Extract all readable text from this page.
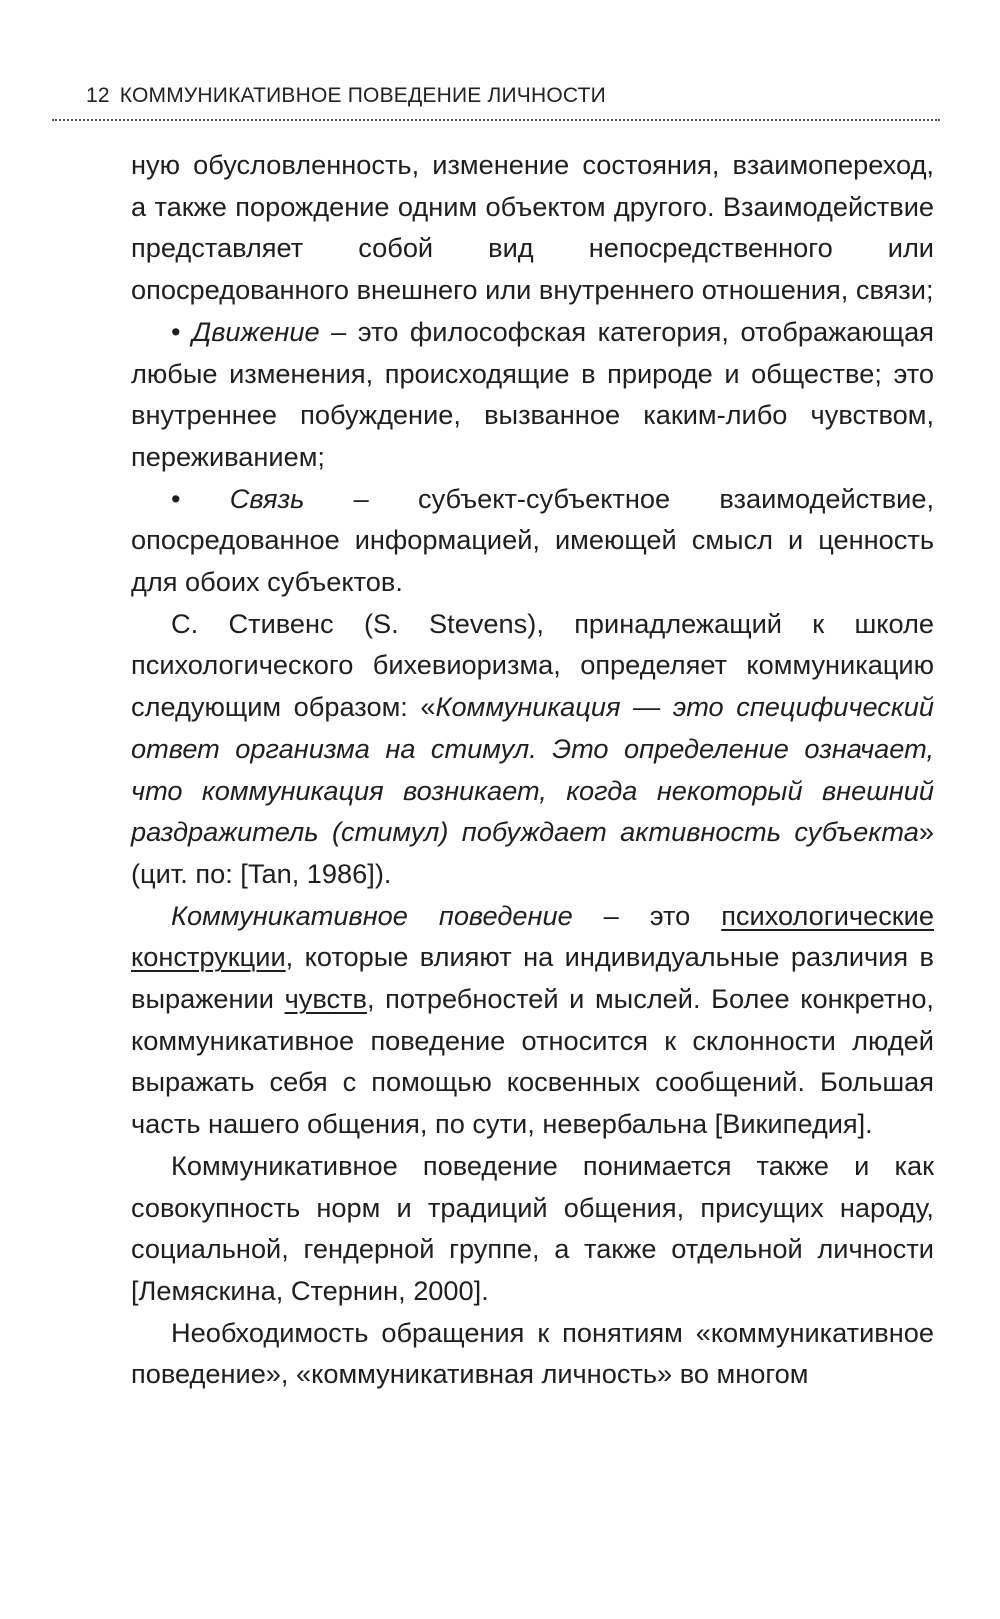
12 КОММУНИКАТИВНОЕ ПОВЕДЕНИЕ ЛИЧНОСТИ

ную обусловленность, изменение состояния, взаимопереход, а также порождение одним объектом другого. Взаимодействие представляет собой вид непосредственного или опосредованного внешнего или внутреннего отношения, связи;

• Движение – это философская категория, отображающая любые изменения, происходящие в природе и обществе; это внутреннее побуждение, вызванное каким-либо чувством, переживанием;

• Связь – субъект-субъектное взаимодействие, опосредованное информацией, имеющей смысл и ценность для обоих субъектов.

С. Стивенс (S. Stevens), принадлежащий к школе психологического бихевиоризма, определяет коммуникацию следующим образом: «Коммуникация — это специфический ответ организма на стимул. Это определение означает, что коммуникация возникает, когда некоторый внешний раздражитель (стимул) побуждает активность субъекта» (цит. по: [Tan, 1986]).

Коммуникативное поведение – это психологические конструкции, которые влияют на индивидуальные различия в выражении чувств, потребностей и мыслей. Более конкретно, коммуникативное поведение относится к склонности людей выражать себя с помощью косвенных сообщений. Большая часть нашего общения, по сути, невербальна [Википедия].

Коммуникативное поведение понимается также и как совокупность норм и традиций общения, присущих народу, социальной, гендерной группе, а также отдельной личности [Лемяскина, Стернин, 2000].

Необходимость обращения к понятиям «коммуникативное поведение», «коммуникативная личность» во многом
